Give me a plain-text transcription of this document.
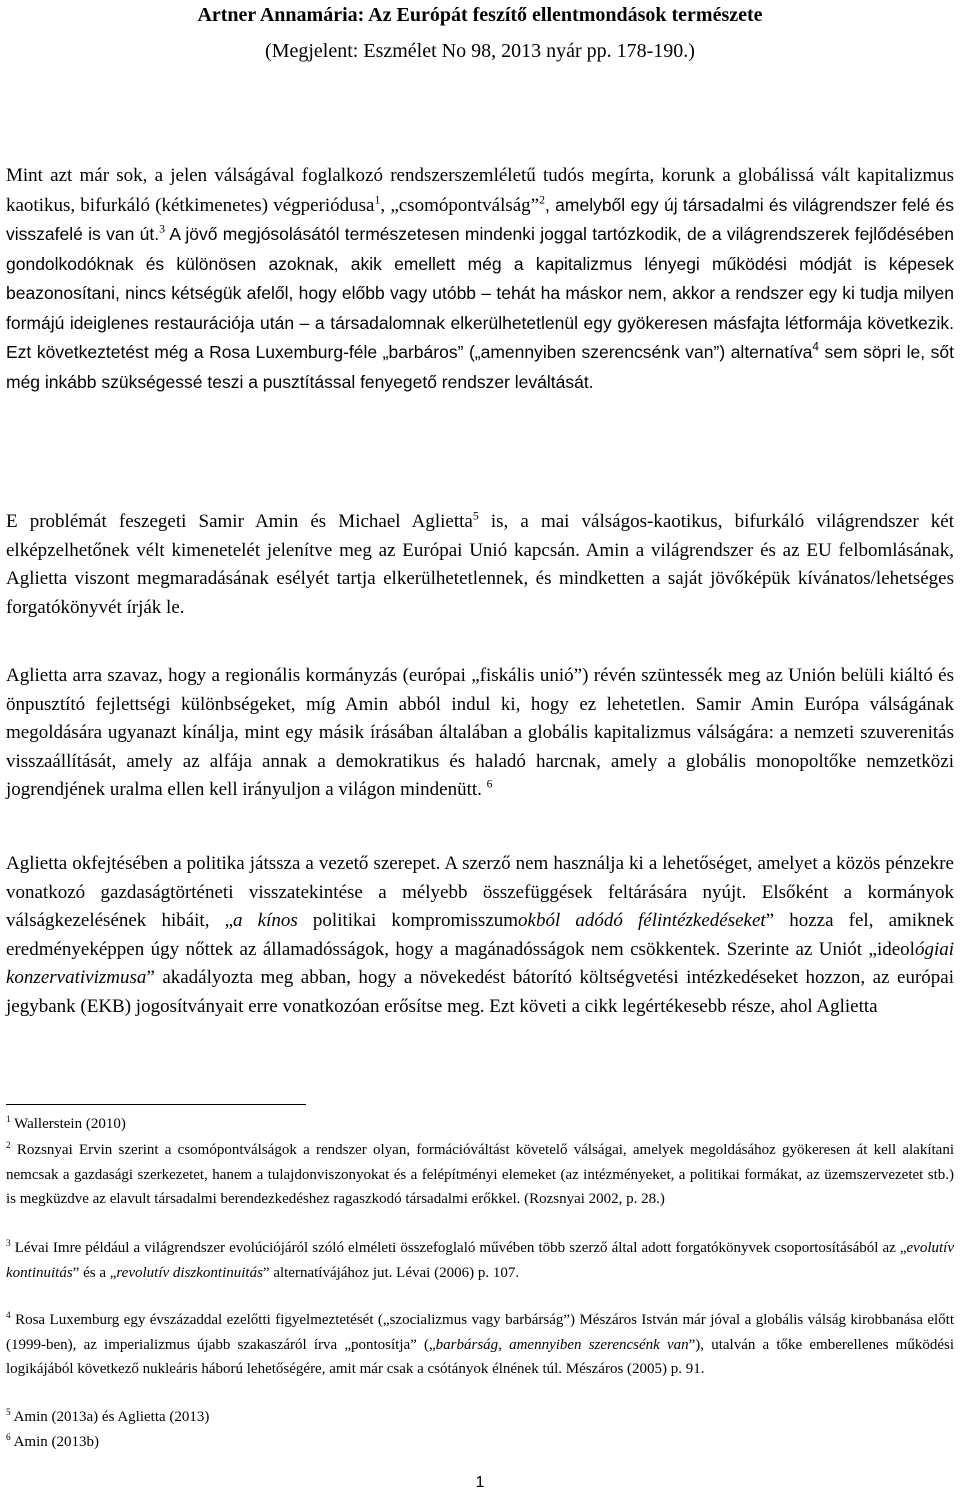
Artner Annamária: Az Európát feszítő ellentmondások természete
(Megjelent: Eszmélet No 98, 2013 nyár pp. 178-190.)
Mint azt már sok, a jelen válságával foglalkozó rendszerszemléletű tudós megírta, korunk a globálissá vált kapitalizmus kaotikus, bifurkáló (kétkimenetes) végperiódusa$^1$, „csomópontválság”$^2$, amelyből egy új társadalmi és világrendszer felé és visszafelé is van út.$^3$ A jövő megjósolásától természetesen mindenki joggal tartózkodik, de a világrendszerek fejlődésében gondolkodóknak és különösen azoknak, akik emellett még a kapitalizmus lényegi működési módját is képesek beazonosítani, nincs kétségük afelől, hogy előbb vagy utóbb – tehát ha máskor nem, akkor a rendszer egy ki tudja milyen formájú ideiglenes restaurációja után – a társadalomnak elkerülhetetlenül egy gyökeresen másfajta létformája következik. Ezt következtetést még a Rosa Luxemburg-féle „barbáros” („amennyiben szerencsénk van”) alternatíva$^4$ sem söpri le, sőt még inkább szükségessé teszi a pusztítással fenyegető rendszer leváltását.
E problémát feszegeti Samir Amin és Michael Aglietta$^5$ is, a mai válságos-kaotikus, bifurkáló világrendszer két elképzelhetőnek vélt kimenetelét jelenítve meg az Európai Unió kapcsán. Amin a világrendszer és az EU felbomlásának, Aglietta viszont megmaradásának esélyét tartja elkerülhetetlennek, és mindketten a saját jövőképük kívánatos/lehetséges forgatókönyvét írják le.
Aglietta arra szavaz, hogy a regionális kormányzás (európai „fiskális unió”) révén szüntessék meg az Unión belüli kiáltó és önpusztító fejlettségi különbségeket, míg Amin abból indul ki, hogy ez lehetetlen. Samir Amin Európa válságának megoldására ugyanazt kínálja, mint egy másik írásában általában a globális kapitalizmus válságára: a nemzeti szuverenitás visszaállítását, amely az alfája annak a demokratikus és haladó harcnak, amely a globális monopoltőke nemzetközi jogrendjének uralma ellen kell irányuljon a világon mindenütt. $^6$
Aglietta okfejtésében a politika játssza a vezető szerepet. A szerző nem használja ki a lehetőséget, amelyet a közös pénzekre vonatkozó gazdaságtörténeti visszatekintése a mélyebb összefüggések feltárására nyújt. Elsőként a kormányok válságkezelésének hibáit, „a kínos politikai kompromisszumokból adódó félintézkedéseket” hozza fel, amiknek eredményeképpen úgy nőttek az államadósságok, hogy a magánadósságok nem csökkentek. Szerinte az Uniót „ideológiai konzervativizmusa” akadályozta meg abban, hogy a növekedést bátorító költségvetési intézkedéseket hozzon, az európai jegybank (EKB) jogosítványait erre vonatkozóan erősítse meg. Ezt követi a cikk legértékesebb része, ahol Aglietta
$^1$ Wallerstein (2010)
$^2$ Rozsnyai Ervin szerint a csomópontválságok a rendszer olyan, formációváltást követelő válságai, amelyek megoldásához gyökeresen át kell alakítani nemcsak a gazdasági szerkezetet, hanem a tulajdonviszonyokat és a felépítményi elemeket (az intézményeket, a politikai formákat, az üzemszervezetet stb.) is megküzdve az elavult társadalmi berendezkedéshez ragaszkodó társadalmi erőkkel. (Rozsnyai 2002, p. 28.)
$^3$ Lévai Imre például a világrendszer evolúciójáról szóló elméleti összefoglaló művében több szerző által adott forgatókönyvek csoportosításából az „evolutív kontinuitás” és a „revolutív diszkontinuitás” alternatívájához jut. Lévai (2006) p. 107.
$^4$ Rosa Luxemburg egy évszázaddal ezelőtti figyelmeztetését („szocializmus vagy barbárság”) Mészáros István már jóval a globális válság kirobbanása előtt (1999-ben), az imperializmus újabb szakaszáról írva „pontosítja” („barbárság, amennyiben szerencsénk van”), utalván a tőke emberellenes működési logikájából következő nukleáris háború lehetőségére, amit már csak a csótányok élnének túl. Mészáros (2005) p. 91.
$^5$ Amin (2013a) és Aglietta (2013)
$^6$ Amin (2013b)
1
